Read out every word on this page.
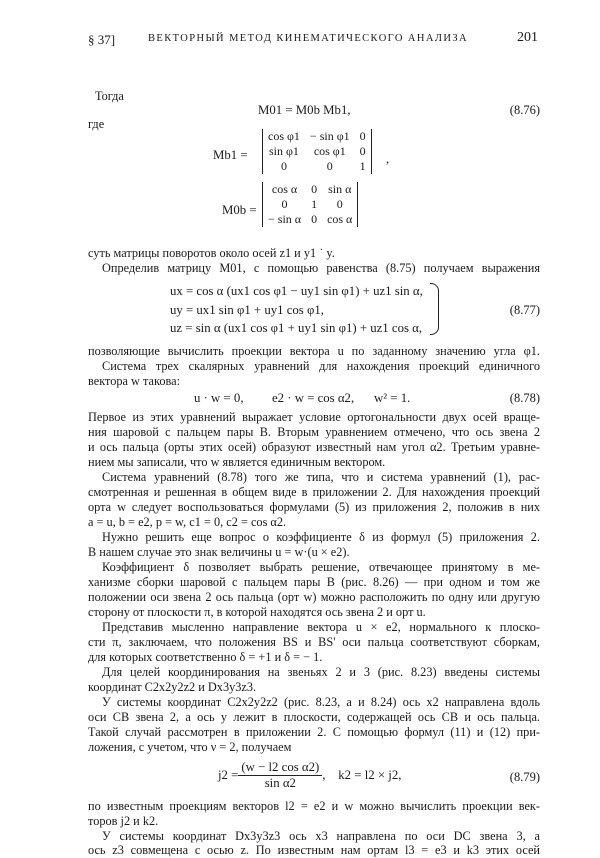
§ 37]	ВЕКТОРНЫЙ МЕТОД КИНЕМАТИЧЕСКОГО АНАЛИЗА	201
Тогда
M01 = M0b Mb1,	(8.76)
где
Mb1 =
cos φ1	− sin φ1	0
sin φ1	cos φ1	0
0	0	1 ,
M0b =
cos α	0	sin α
0	1	0
− sin α	0	cos α
суть матрицы поворотов около осей z1 и y1 ˙ y.
Определив матрицу M01, с помощью равенства (8.75) получаем выражения
ux = cos α (ux1 cos φ1 − uy1 sin φ1) + uz1 sin α,
uy = ux1 sin φ1 + uy1 cos φ1,
uz = sin α (ux1 cos φ1 + uy1 sin φ1) + uz1 cos α,
(8.77)
позволяющие вычислить проекции вектора u по заданному значению угла φ1.
Система трех скалярных уравнений для нахождения проекций единичного
вектора w такова:
u · w = 0, e2 · w = cos α2, w² = 1.	(8.78)
Первое из этих уравнений выражает условие ортогональности двух осей враще-
ния шаровой с пальцем пары B. Вторым уравнением отмечено, что ось звена 2
и ось пальца (орты этих осей) образуют известный нам угол α2. Третьим уравне-
нием мы записали, что w является единичным вектором.
Система уравнений (8.78) того же типа, что и система уравнений (1), рас-
смотренная и решенная в общем виде в приложении 2. Для нахождения проекций
орта w следует воспользоваться формулами (5) из приложения 2, положив в них
a = u, b = e2, p = w, c1 = 0, c2 = cos α2.
Нужно решить еще вопрос о коэффициенте δ из формул (5) приложения 2.
В нашем случае это знак величины u = w·(u × e2).
Коэффициент δ позволяет выбрать решение, отвечающее принятому в ме-
ханизме сборки шаровой с пальцем пары B (рис. 8.26) — при одном и том же
положении оси звена 2 ось пальца (орт w) можно расположить по одну или другую
сторону от плоскости π, в которой находятся ось звена 2 и орт u.
Представив мысленно направление вектора u × e2, нормального к плоско-
сти π, заключаем, что положения BS и BS' оси пальца соответствуют сборкам,
для которых соответственно δ = +1 и δ = − 1.
Для целей координирования на звеньях 2 и 3 (рис. 8.23) введены системы
координат C2x2y2z2 и Dx3y3z3.
У системы координат C2x2y2z2 (рис. 8.23, a и 8.24) ось x2 направлена вдоль
оси CB звена 2, а ось y лежит в плоскости, содержащей ось CB и ось пальца.
Такой случай рассмотрен в приложении 2. С помощью формул (11) и (12) при-
ложения, с учетом, что ν = 2, получаем
$j2 = \frac{\text{(w − l2 cos α2)}}{\text{sin α2}}$ ,    k2 = l2 × j2,	(8.79)
по известным проекциям векторов l2 = e2 и w можно вычислить проекции век-
торов j2 и k2.
У системы координат Dx3y3z3 ось x3 направлена по оси DC звена 3, а
ось z3 совмещена с осью z. По известным нам ортам l3 = e3 и k3 этих осей
